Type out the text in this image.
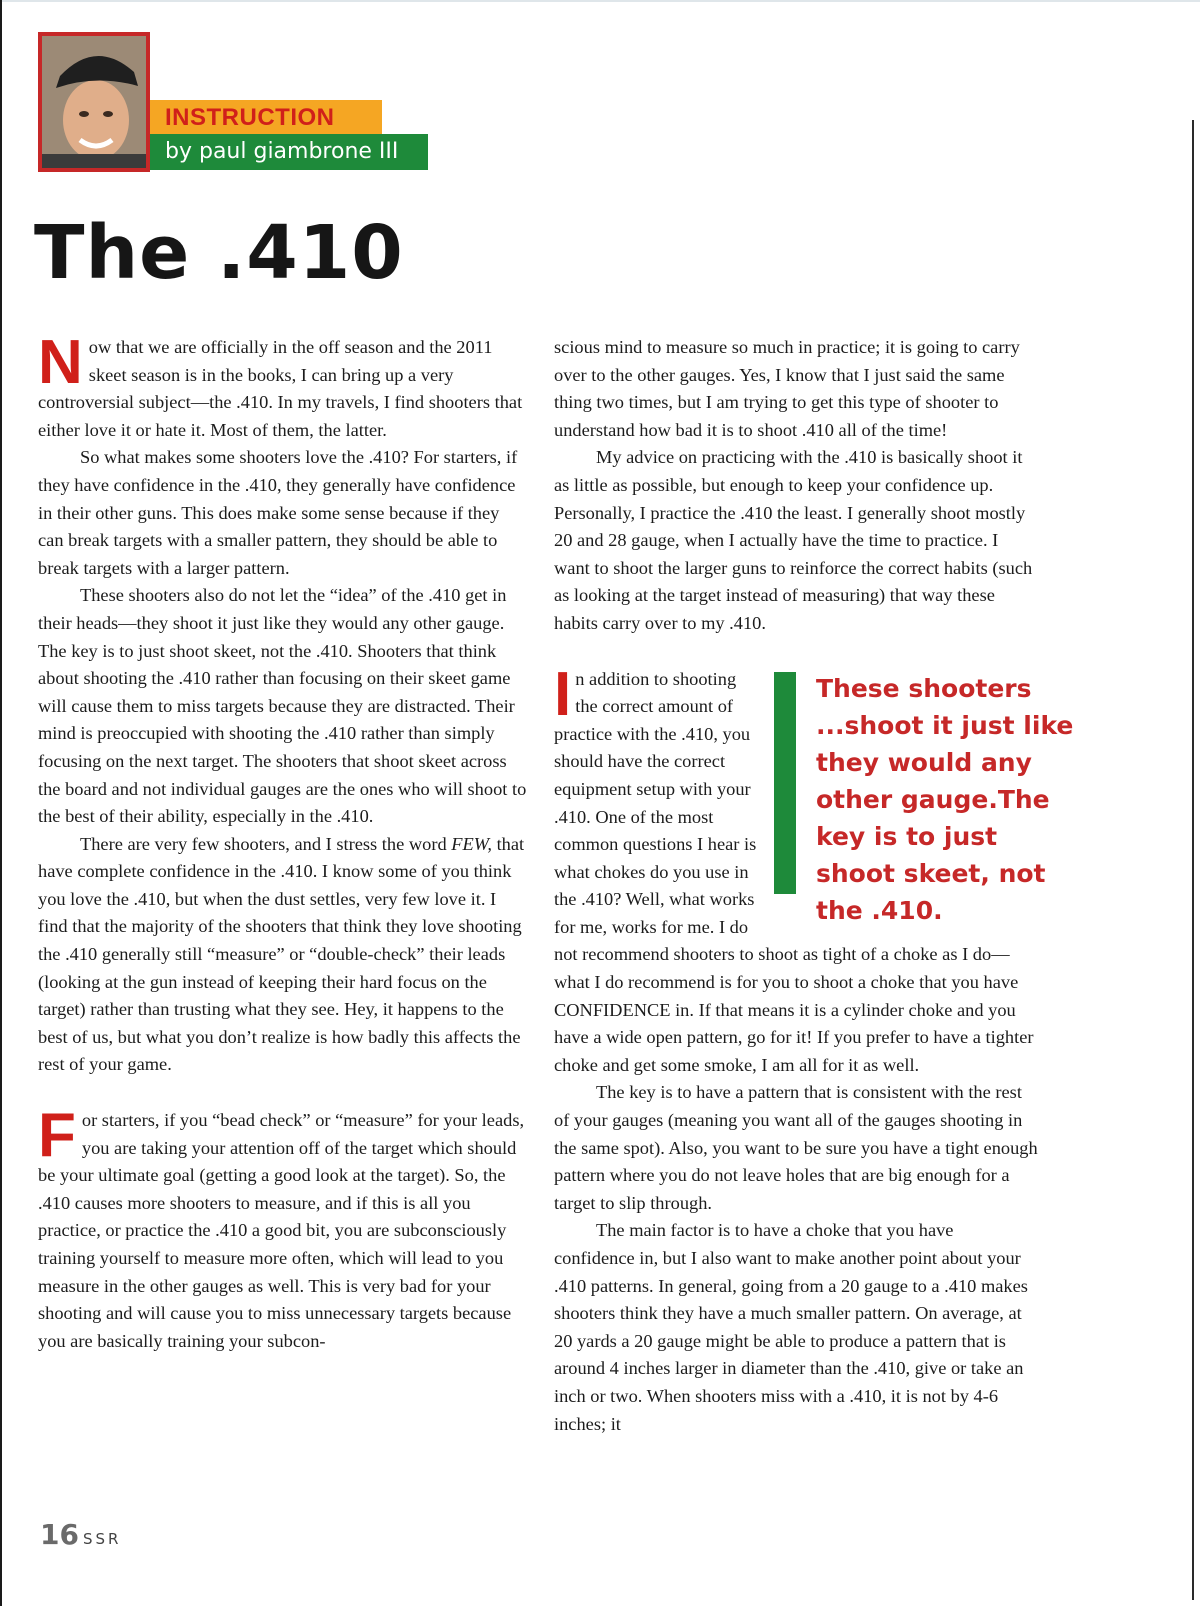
INSTRUCTION
by paul giambrone III
The .410

Now that we are officially in the off season and the 2011 skeet season is in the books, I can bring up a very controversial subject—the .410. In my travels, I find shooters that either love it or hate it. Most of them, the latter.

So what makes some shooters love the .410? For starters, if they have confidence in the .410, they generally have confidence in their other guns. This does make some sense because if they can break targets with a smaller pattern, they should be able to break targets with a larger pattern.

These shooters also do not let the “idea” of the .410 get in their heads—they shoot it just like they would any other gauge. The key is to just shoot skeet, not the .410. Shooters that think about shooting the .410 rather than focusing on their skeet game will cause them to miss targets because they are distracted. Their mind is preoccupied with shooting the .410 rather than simply focusing on the next target. The shooters that shoot skeet across the board and not individual gauges are the ones who will shoot to the best of their ability, especially in the .410.

There are very few shooters, and I stress the word FEW, that have complete confidence in the .410. I know some of you think you love the .410, but when the dust settles, very few love it. I find that the majority of the shooters that think they love shooting the .410 generally still “measure” or “double-check” their leads (looking at the gun instead of keeping their hard focus on the target) rather than trusting what they see. Hey, it happens to the best of us, but what you don’t realize is how badly this affects the rest of your game.

For starters, if you “bead check” or “measure” for your leads, you are taking your attention off of the target which should be your ultimate goal (getting a good look at the target). So, the .410 causes more shooters to measure, and if this is all you practice, or practice the .410 a good bit, you are subconsciously training yourself to measure more often, which will lead to you measure in the other gauges as well. This is very bad for your shooting and will cause you to miss unnecessary targets because you are basically training your subcon-

scious mind to measure so much in practice; it is going to carry over to the other gauges. Yes, I know that I just said the same thing two times, but I am trying to get this type of shooter to understand how bad it is to shoot .410 all of the time!

My advice on practicing with the .410 is basically shoot it as little as possible, but enough to keep your confidence up. Personally, I practice the .410 the least. I generally shoot mostly 20 and 28 gauge, when I actually have the time to practice. I want to shoot the larger guns to reinforce the correct habits (such as looking at the target instead of measuring) that way these habits carry over to my .410.

I	These shooters ...shoot it just like they would any other gauge.The key is to just shoot skeet, not the .410.
n addition to shooting the correct amount of practice with the .410, you should have the correct equipment setup with your .410. One of the most common questions I hear is what chokes do you use in the .410? Well, what works for me, works for me. I do not recommend shooters to shoot as tight of a choke as I do—what I do recommend is for you to shoot a choke that you have CONFIDENCE in. If that means it is a cylinder choke and you have a wide open pattern, go for it! If you prefer to have a tighter choke and get some smoke, I am all for it as well.

The key is to have a pattern that is consistent with the rest of your gauges (meaning you want all of the gauges shooting in the same spot). Also, you want to be sure you have a tight enough pattern where you do not leave holes that are big enough for a target to slip through.

The main factor is to have a choke that you have confidence in, but I also want to make another point about your .410 patterns. In general, going from a 20 gauge to a .410 makes shooters think they have a much smaller pattern. On average, at 20 yards a 20 gauge might be able to produce a pattern that is around 4 inches larger in diameter than the .410, give or take an inch or two. When shooters miss with a .410, it is not by 4-6 inches; it

16 SSR
